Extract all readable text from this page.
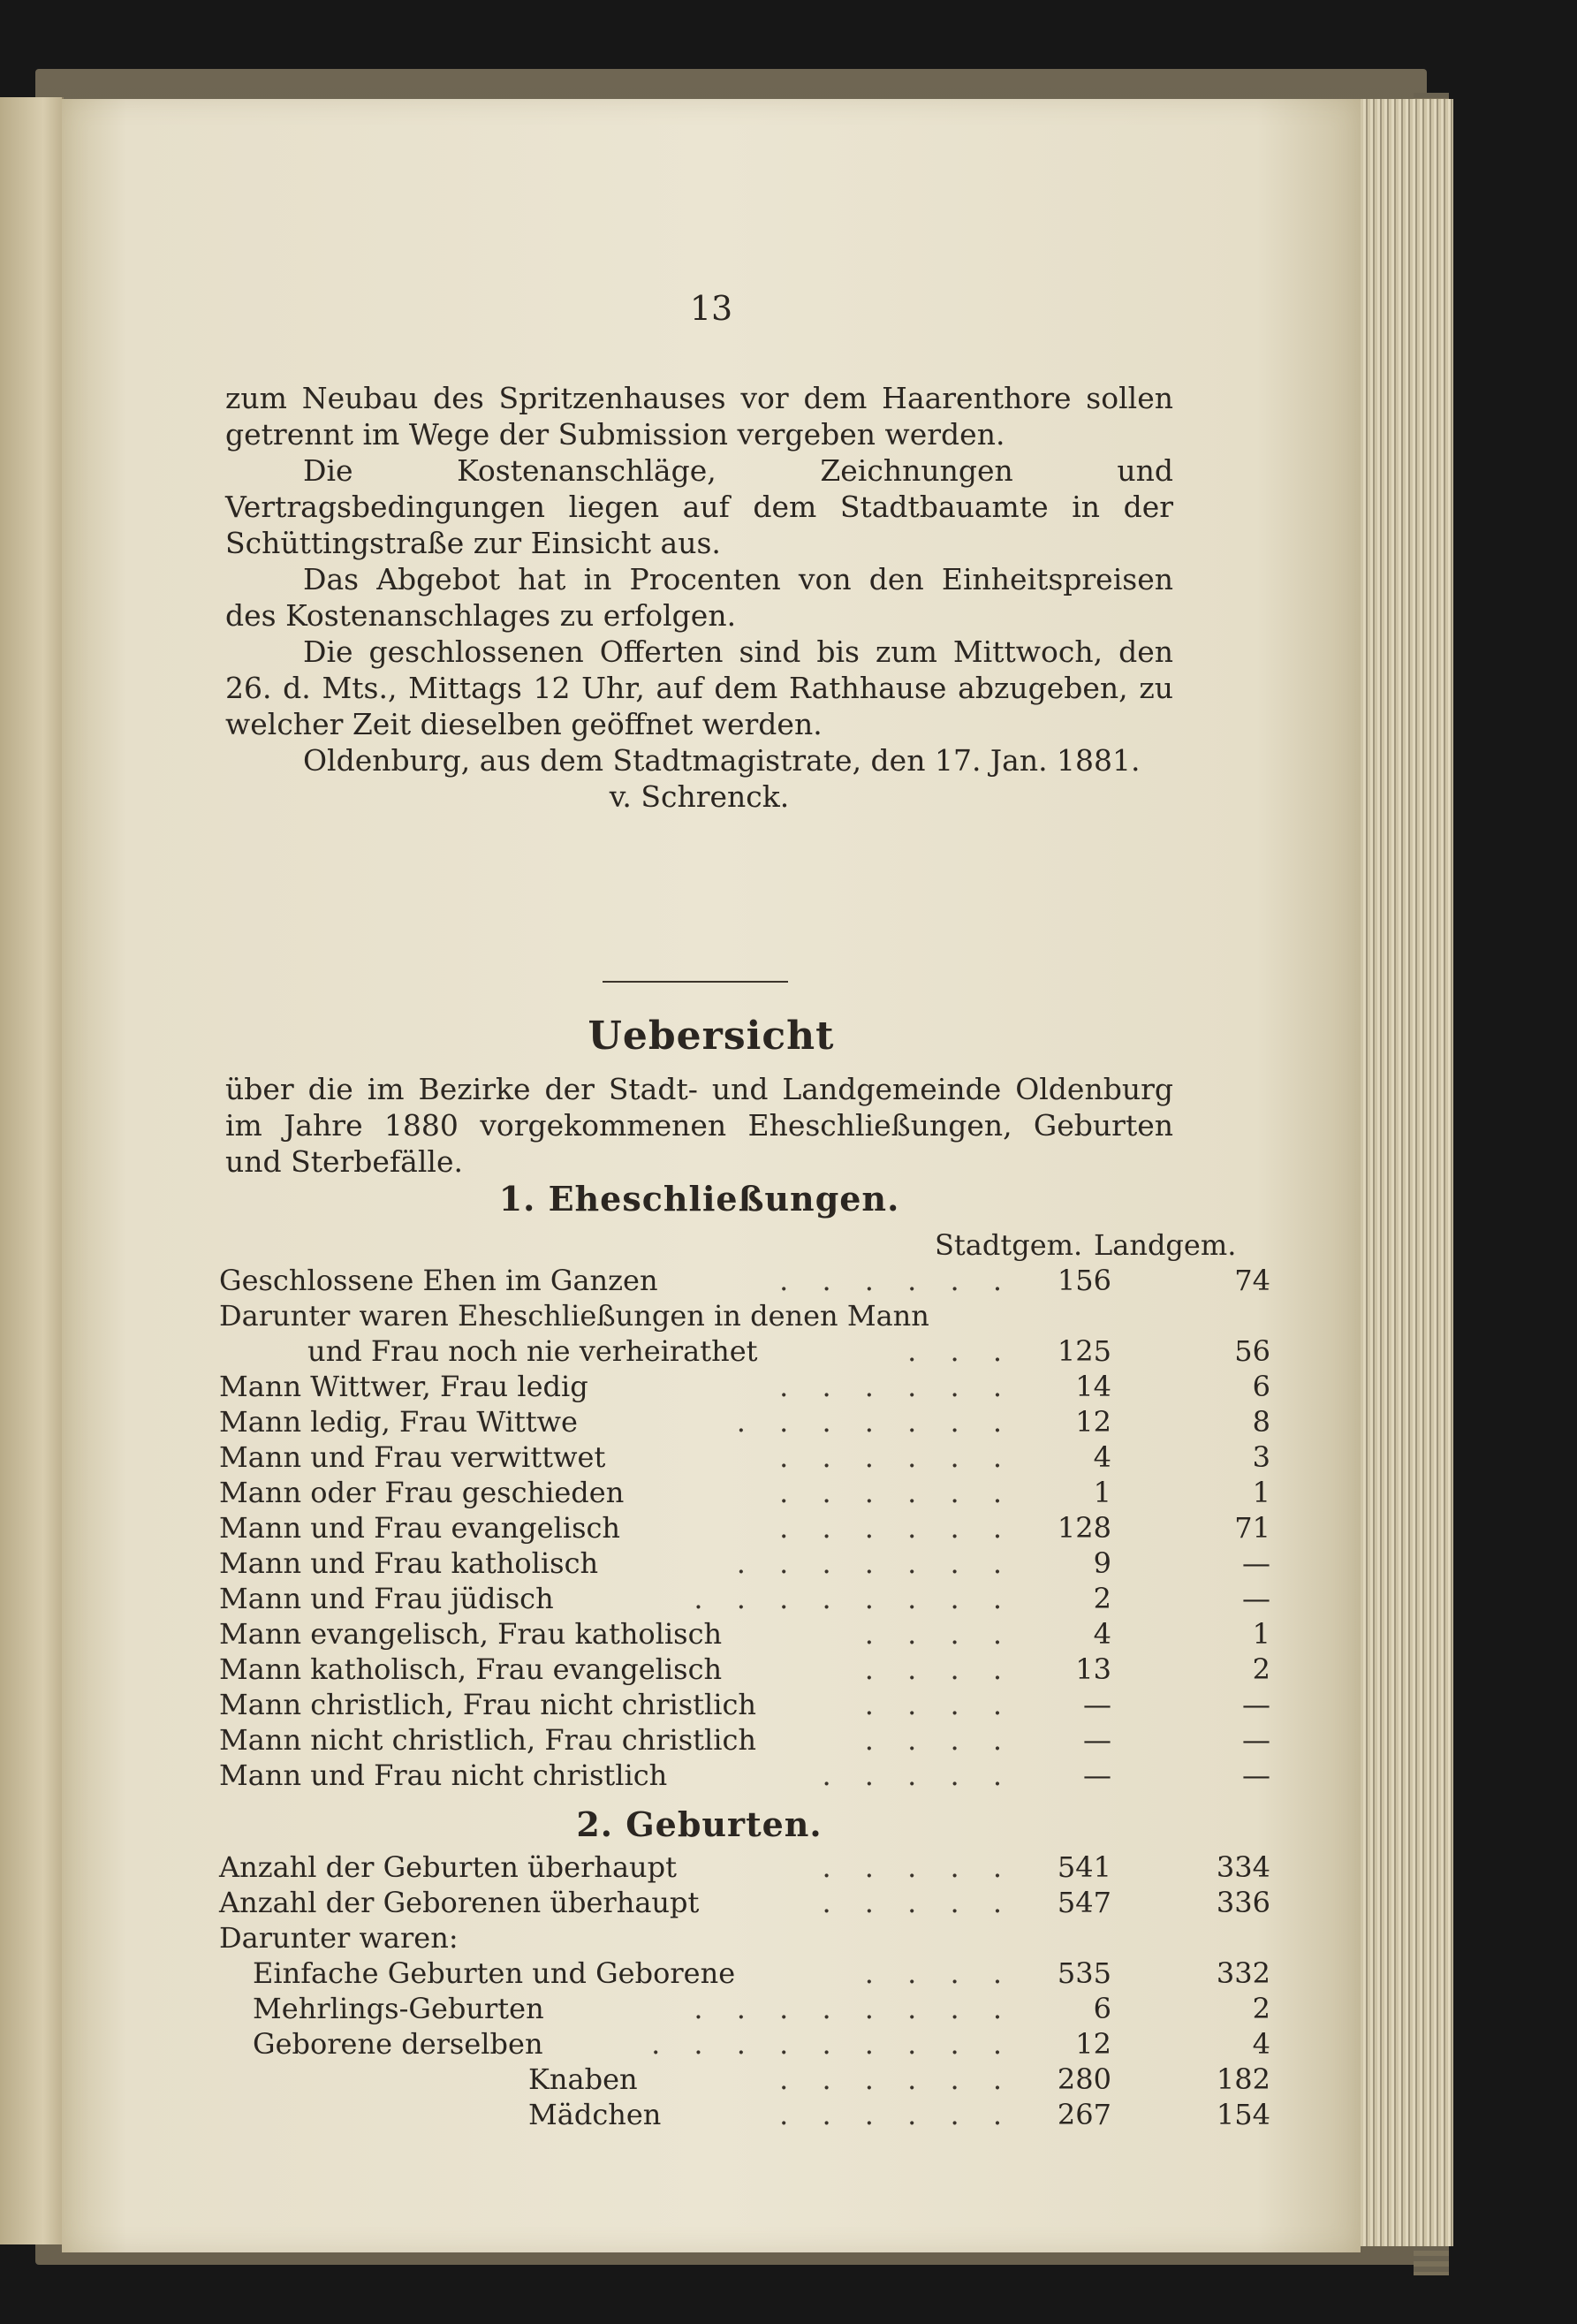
13

zum Neubau des Spritzenhauses vor dem Haarenthore sollen getrennt im Wege der Submission vergeben werden.

Die Kostenanschläge, Zeichnungen und Vertragsbedingungen liegen auf dem Stadtbauamte in der Schüttingstraße zur Einsicht aus.

Das Abgebot hat in Procenten von den Einheitspreisen des Kostenanschlages zu erfolgen.

Die geschlossenen Offerten sind bis zum Mittwoch, den 26. d. Mts., Mittags 12 Uhr, auf dem Rathhause abzugeben, zu welcher Zeit dieselben geöffnet werden.

Oldenburg, aus dem Stadtmagistrate, den 17. Jan. 1881.

v. Schrenck.

Uebersicht

über die im Bezirke der Stadt- und Landgemeinde Oldenburg im Jahre 1880 vorgekommenen Eheschließungen, Geburten und Sterbefälle.

1. Eheschließungen.
Stadtgem. Landgem.
Geschlossene Ehen im Ganzen	. . . . . .	156	74
Darunter waren Eheschließungen in denen Mann
und Frau noch nie verheirathet	. . .	125	56
Mann Wittwer, Frau ledig	. . . . . .	14	6
Mann ledig, Frau Wittwe	. . . . . . .	12	8
Mann und Frau verwittwet	. . . . . .	4	3
Mann oder Frau geschieden	. . . . . .	1	1
Mann und Frau evangelisch	. . . . . .	128	71
Mann und Frau katholisch	. . . . . . .	9	—
Mann und Frau jüdisch	. . . . . . . .	2	—
Mann evangelisch, Frau katholisch	. . . .	4	1
Mann katholisch, Frau evangelisch	. . . .	13	2
Mann christlich, Frau nicht christlich	. . . .	—	—
Mann nicht christlich, Frau christlich	. . . .	—	—
Mann und Frau nicht christlich	. . . . .	—	—
2. Geburten.
Anzahl der Geburten überhaupt	. . . . .	541	334
Anzahl der Geborenen überhaupt	. . . . .	547	336
Darunter waren:
Einfache Geburten und Geborene	. . . .	535	332
Mehrlings-Geburten	. . . . . . . .	6	2
Geborene derselben	. . . . . . . . .	12	4
Knaben	. . . . . .	280	182
Mädchen	. . . . . .	267	154
